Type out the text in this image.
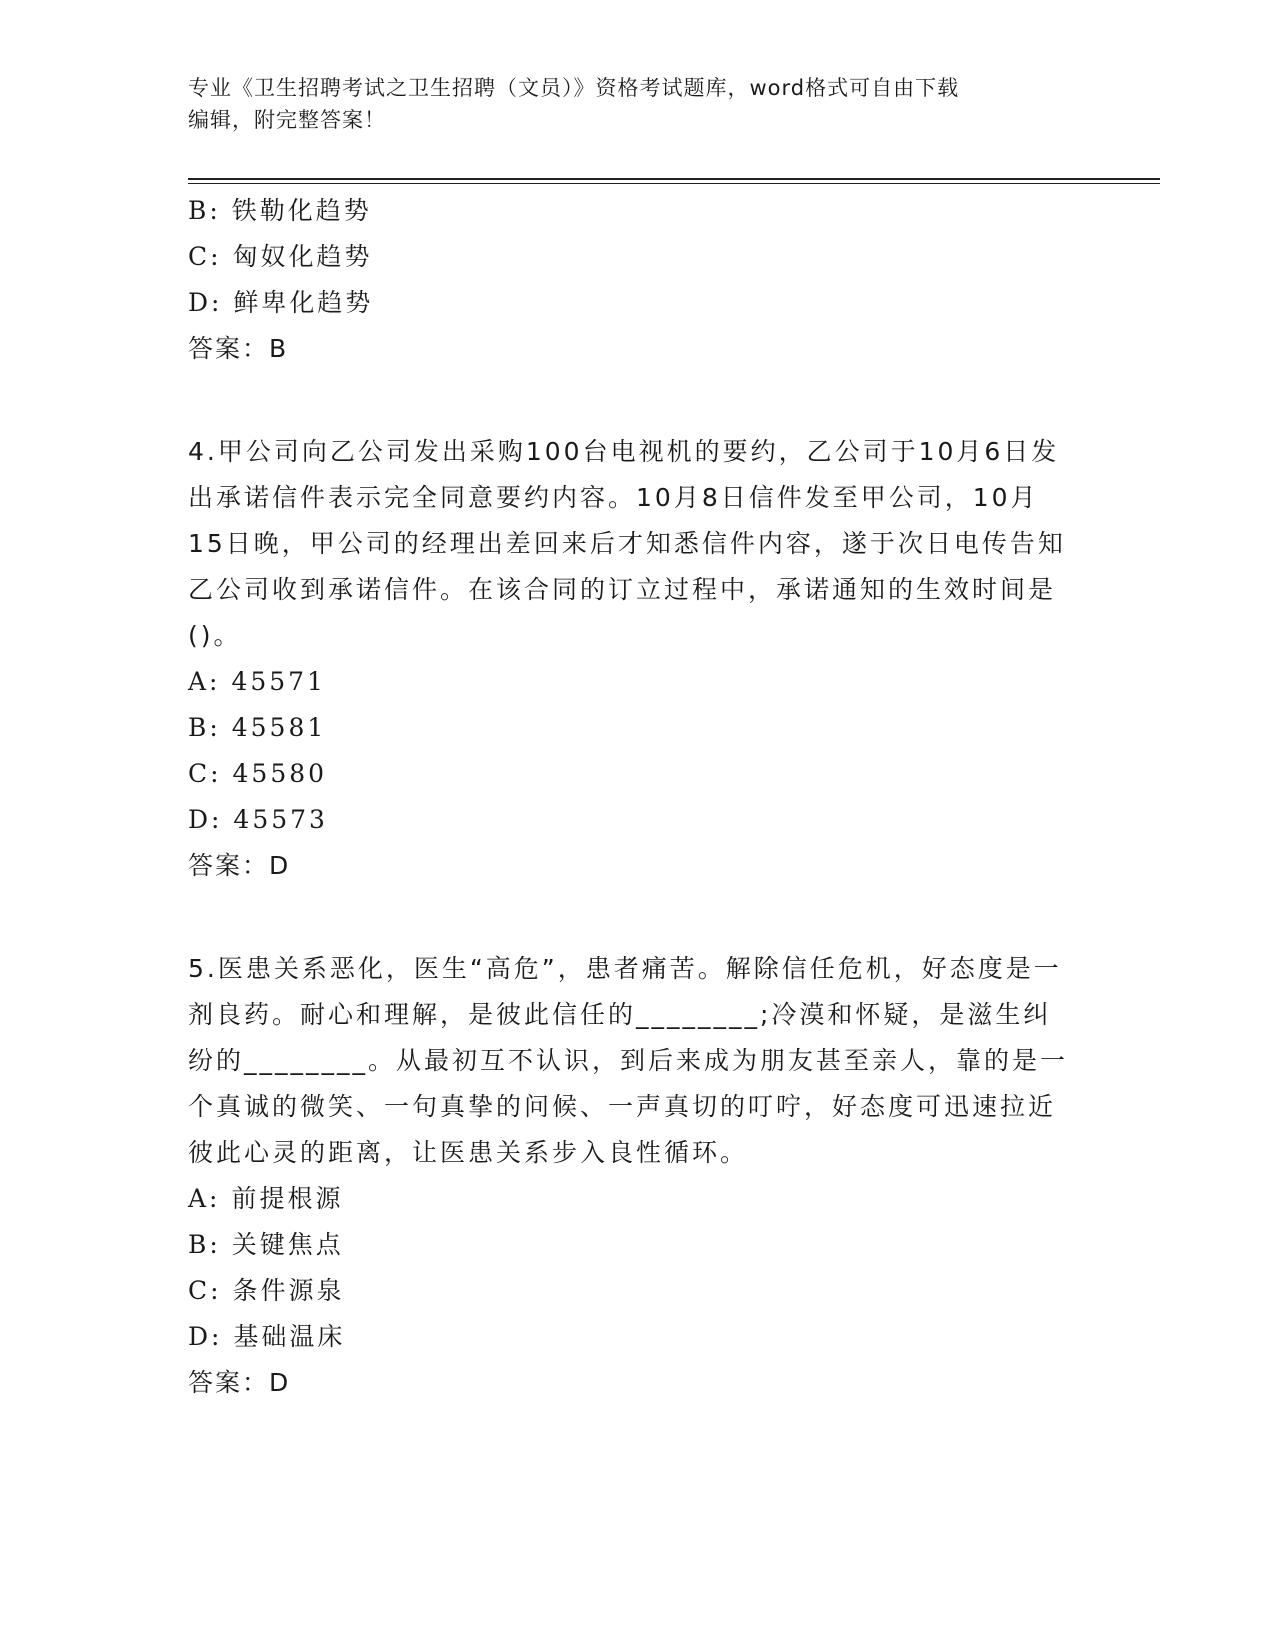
专业《卫生招聘考试之卫生招聘（文员）》资格考试题库，word格式可自由下载
编辑，附完整答案！
B: 铁勒化趋势
C: 匈奴化趋势
D: 鲜卑化趋势
答案：B
4.甲公司向乙公司发出采购100台电视机的要约，乙公司于10月6日发出承诺信件表示完全同意要约内容。10月8日信件发至甲公司，10月15日晚，甲公司的经理出差回来后才知悉信件内容，遂于次日电传告知乙公司收到承诺信件。在该合同的订立过程中，承诺通知的生效时间是()。
A: 45571
B: 45581
C: 45580
D: 45573
答案：D
5.医患关系恶化，医生“高危”，患者痛苦。解除信任危机，好态度是一剂良药。耐心和理解，是彼此信任的________;冷漠和怀疑，是滋生纠纷的________。从最初互不认识，到后来成为朋友甚至亲人，靠的是一个真诚的微笑、一句真挚的问候、一声真切的叮咛，好态度可迅速拉近彼此心灵的距离，让医患关系步入良性循环。
A: 前提根源
B: 关键焦点
C: 条件源泉
D: 基础温床
答案：D
